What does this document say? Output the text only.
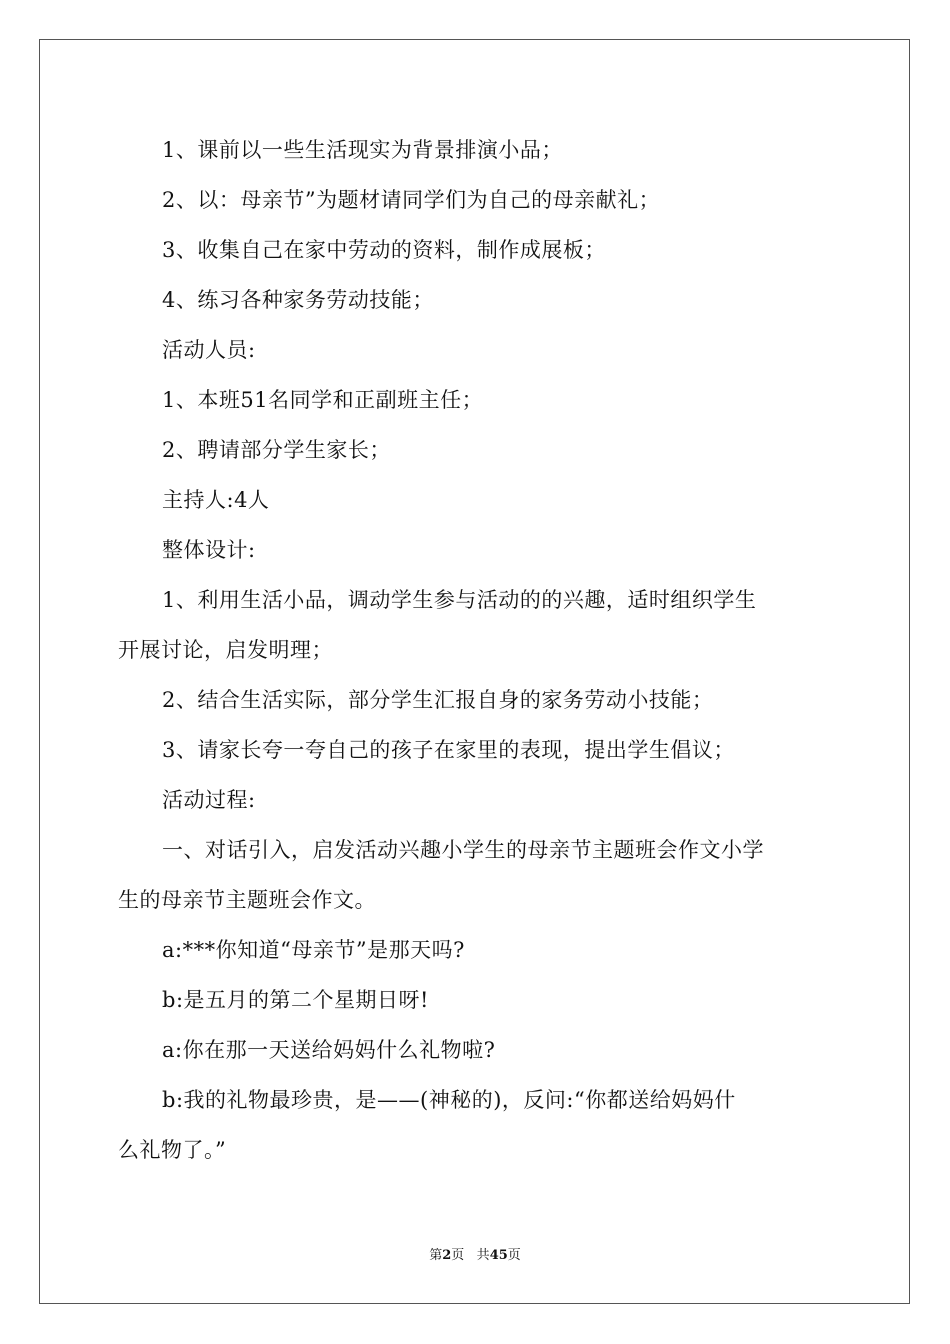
1、课前以一些生活现实为背景排演小品；
2、以：母亲节”为题材请同学们为自己的母亲献礼；
3、收集自己在家中劳动的资料，制作成展板；
4、练习各种家务劳动技能；
活动人员:
1、本班51名同学和正副班主任；
2、聘请部分学生家长；
主持人:4人
整体设计:
1、利用生活小品，调动学生参与活动的的兴趣，适时组织学生
开展讨论，启发明理；
2、结合生活实际，部分学生汇报自身的家务劳动小技能；
3、请家长夸一夸自己的孩子在家里的表现，提出学生倡议；
活动过程:
一、对话引入，启发活动兴趣小学生的母亲节主题班会作文小学
生的母亲节主题班会作文。
a:***你知道“母亲节”是那天吗?
b:是五月的第二个星期日呀!
a:你在那一天送给妈妈什么礼物啦?
b:我的礼物最珍贵，是——(神秘的)，反问:“你都送给妈妈什
么礼物了。”
第2页 共45页
